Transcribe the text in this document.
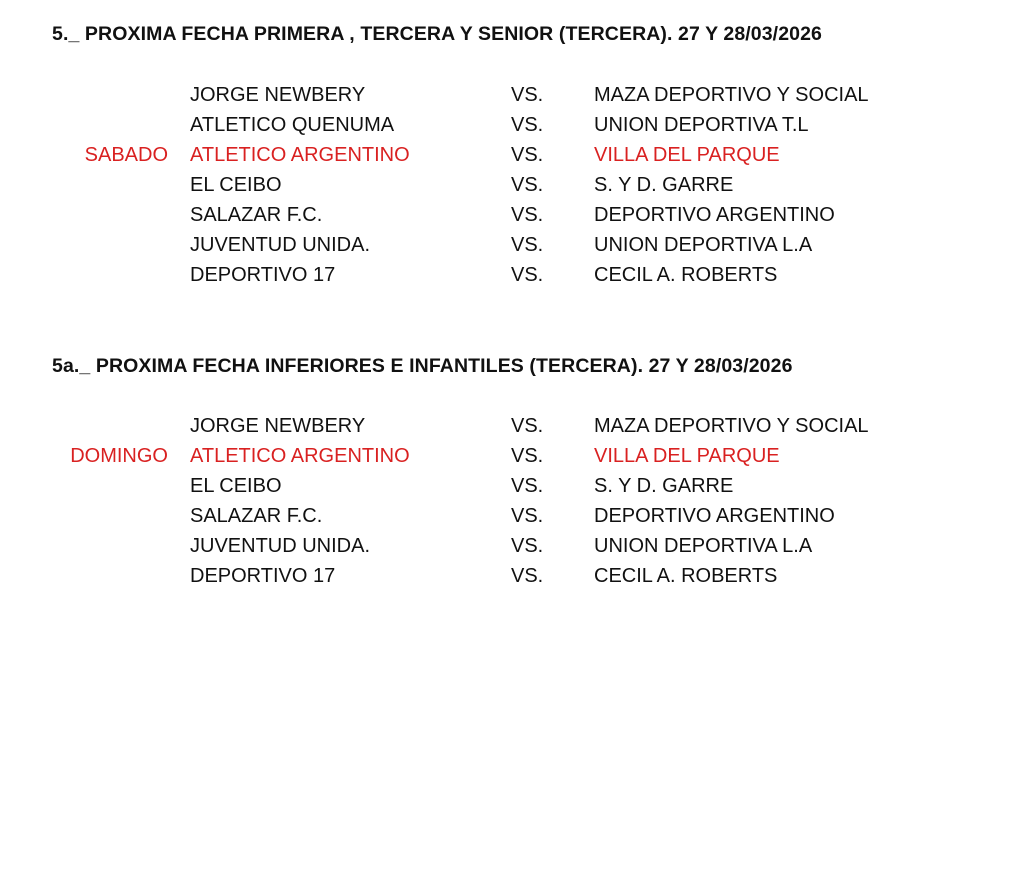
5._ PROXIMA FECHA PRIMERA , TERCERA Y SENIOR (TERCERA). 27 Y 28/03/2026
JORGE NEWBERY	VS.	MAZA DEPORTIVO Y SOCIAL
ATLETICO QUENUMA	VS.	UNION DEPORTIVA T.L
SABADO ATLETICO ARGENTINO	VS.	VILLA DEL PARQUE
EL CEIBO	VS.	S. Y D. GARRE
SALAZAR F.C.	VS.	DEPORTIVO ARGENTINO
JUVENTUD UNIDA.	VS.	UNION DEPORTIVA L.A
DEPORTIVO 17	VS.	CECIL A. ROBERTS
5a._ PROXIMA FECHA INFERIORES E INFANTILES (TERCERA). 27 Y 28/03/2026
JORGE NEWBERY	VS.	MAZA DEPORTIVO Y SOCIAL
DOMINGO ATLETICO ARGENTINO	VS.	VILLA DEL PARQUE
EL CEIBO	VS.	S. Y D. GARRE
SALAZAR F.C.	VS.	DEPORTIVO ARGENTINO
JUVENTUD UNIDA.	VS.	UNION DEPORTIVA L.A
DEPORTIVO 17	VS.	CECIL A. ROBERTS
